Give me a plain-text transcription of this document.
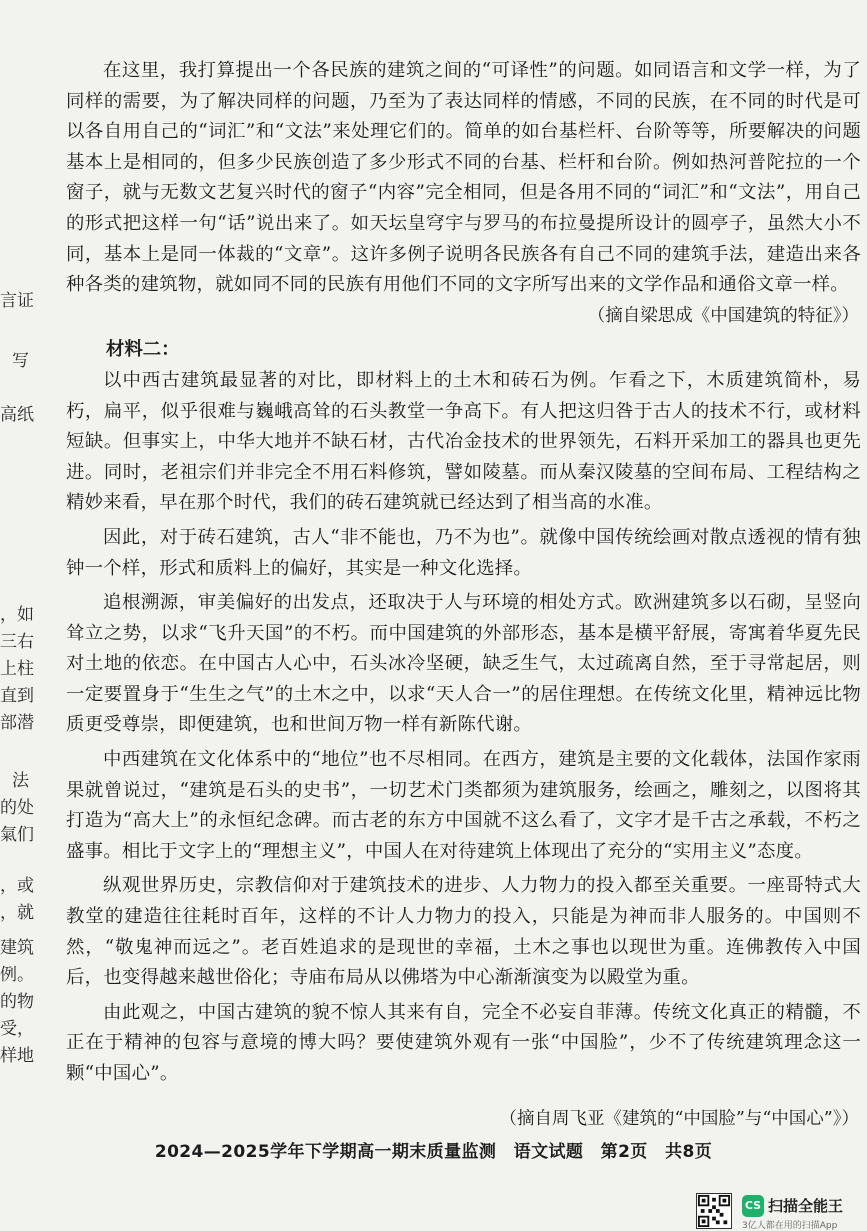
言证
写
高纸
，如
三右
上柱
直到
部潜
法
的处
氣们
，或
，就
建筑
例。
的物
受，
样地

在这里，我打算提出一个各民族的建筑之间的“可译性”的问题。如同语言和文学一样，为了同样的需要，为了解决同样的问题，乃至为了表达同样的情感，不同的民族，在不同的时代是可以各自用自己的“词汇”和“文法”来处理它们的。简单的如台基栏杆、台阶等等，所要解决的问题基本上是相同的，但多少民族创造了多少形式不同的台基、栏杆和台阶。例如热河普陀拉的一个窗子，就与无数文艺复兴时代的窗子“内容”完全相同，但是各用不同的“词汇”和“文法”，用自己的形式把这样一句“话”说出来了。如天坛皇穹宇与罗马的布拉曼提所设计的圆亭子，虽然大小不同，基本上是同一体裁的“文章”。这许多例子说明各民族各有自己不同的建筑手法，建造出来各种各类的建筑物，就如同不同的民族有用他们不同的文字所写出来的文学作品和通俗文章一样。

（摘自梁思成《中国建筑的特征》）

材料二：

以中西古建筑最显著的对比，即材料上的土木和砖石为例。乍看之下，木质建筑简朴，易朽，扁平，似乎很难与巍峨高耸的石头教堂一争高下。有人把这归咎于古人的技术不行，或材料短缺。但事实上，中华大地并不缺石材，古代冶金技术的世界领先，石料开采加工的器具也更先进。同时，老祖宗们并非完全不用石料修筑，譬如陵墓。而从秦汉陵墓的空间布局、工程结构之精妙来看，早在那个时代，我们的砖石建筑就已经达到了相当高的水准。

因此，对于砖石建筑，古人“非不能也，乃不为也”。就像中国传统绘画对散点透视的情有独钟一个样，形式和质料上的偏好，其实是一种文化选择。

追根溯源，审美偏好的出发点，还取决于人与环境的相处方式。欧洲建筑多以石砌，呈竖向耸立之势，以求“飞升天国”的不朽。而中国建筑的外部形态，基本是横平舒展，寄寓着华夏先民对土地的依恋。在中国古人心中，石头冰冷坚硬，缺乏生气，太过疏离自然，至于寻常起居，则一定要置身于“生生之气”的土木之中，以求“天人合一”的居住理想。在传统文化里，精神远比物质更受尊崇，即便建筑，也和世间万物一样有新陈代谢。

中西建筑在文化体系中的“地位”也不尽相同。在西方，建筑是主要的文化载体，法国作家雨果就曾说过，“建筑是石头的史书”，一切艺术门类都须为建筑服务，绘画之，雕刻之，以图将其打造为“高大上”的永恒纪念碑。而古老的东方中国就不这么看了，文字才是千古之承载，不朽之盛事。相比于文字上的“理想主义”，中国人在对待建筑上体现出了充分的“实用主义”态度。

纵观世界历史，宗教信仰对于建筑技术的进步、人力物力的投入都至关重要。一座哥特式大教堂的建造往往耗时百年，这样的不计人力物力的投入，只能是为神而非人服务的。中国则不然，“敬鬼神而远之”。老百姓追求的是现世的幸福，土木之事也以现世为重。连佛教传入中国后，也变得越来越世俗化；寺庙布局从以佛塔为中心渐渐演变为以殿堂为重。

由此观之，中国古建筑的貌不惊人其来有自，完全不必妄自菲薄。传统文化真正的精髓，不正在于精神的包容与意境的博大吗？要使建筑外观有一张“中国脸”，少不了传统建筑理念这一颗“中国心”。

（摘自周飞亚《建筑的“中国脸”与“中国心”》）

2024—2025学年下学期高一期末质量监测　语文试题　第2页　共8页
CS 扫描全能王
3亿人都在用的扫描App
